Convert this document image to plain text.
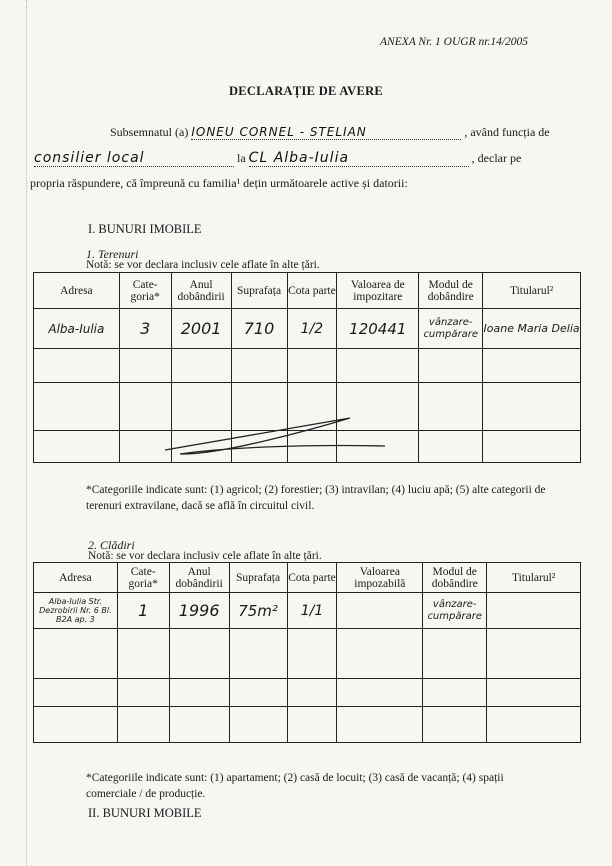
ANEXA Nr. 1 OUGR nr.14/2005
DECLARAȚIE DE AVERE
Subsemnatul (a) IONEU CORNEL - STELIAN	, având funcția de
consilier local	la CL Alba-Iulia	, declar pe
propria răspundere, că împreună cu familia¹ dețin următoarele active și datorii:
I. BUNURI IMOBILE
1. Terenuri
Notă: se vor declara inclusiv cele aflate în alte țări.
Adresa	Cate-goria*	Anul dobândirii	Suprafața	Cota parte	Valoarea de impozitare	Modul de dobândire	Titularul²
Alba-Iulia	3	2001	710	1/2	120441	vânzare-cumpărare	Ioane Maria Delia

*Categoriile indicate sunt: (1) agricol; (2) forestier; (3) intravilan; (4) luciu apă; (5) alte categorii de terenuri extravilane, dacă se află în circuitul civil.
2. Clădiri
Notă: se vor declara inclusiv cele aflate în alte țări.
Adresa	Cate-goria*	Anul dobândirii	Suprafața	Cota parte	Valoarea impozabilă	Modul de dobândire	Titularul²
Alba-Iulia Str. Dezrobirii Nr. 6 Bl. B2A ap. 3	1	1996	75m²	1/1		vânzare-cumpărare	

*Categoriile indicate sunt: (1) apartament; (2) casă de locuit; (3) casă de vacanță; (4) spații comerciale / de producție.
II. BUNURI MOBILE
